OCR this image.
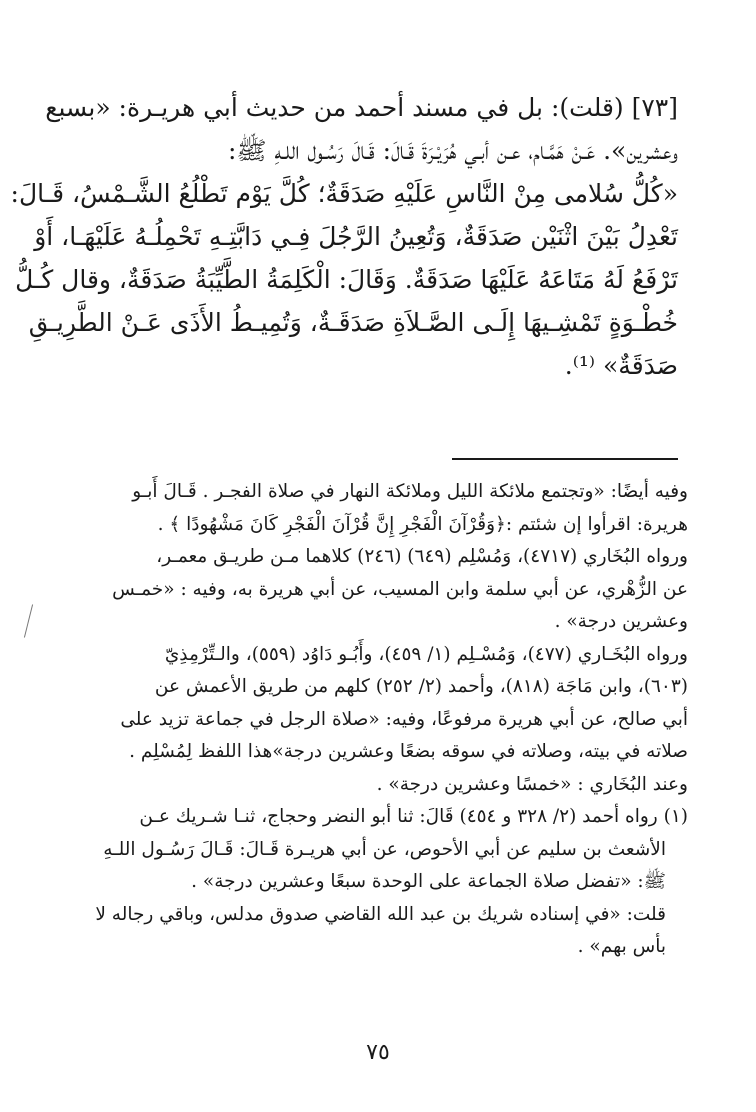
[٧٣] (قلت): بل في مسند أحمد من حديث أبي هريـرة: «بسبع
وعشرين». عَـنْ هَمَّـام، عـن أبـي هُرَيْـرَةَ قَـالَ: قَـالَ رَسُـول اللـهِ ﷺ:
«كُلُّ سُلامى مِنْ النَّاسِ عَلَيْهِ صَدَقَةٌ؛ كُلَّ يَوْم تَطْلُعُ الشَّـمْسُ، قَـالَ:
تَعْدِلُ بَيْنَ اثْنَيْن صَدَقَةٌ، وَتُعِينُ الرَّجُلَ فِـي دَابَّتِـهِ تَحْمِلُـهُ عَلَيْهَـا، أَوْ
تَرْفَعُ لَهُ مَتَاعَهُ عَلَيْهَا صَدَقَةٌ. وَقَالَ: الْكَلِمَةُ الطَّيِّبَةُ صَدَقَةٌ، وقال كُـلُّ
خُطْـوَةٍ تَمْشِـيهَا إِلَـى الصَّـلاَةِ صَدَقَـةٌ، وَتُمِيـطُ الأَذَى عَـنْ الطَّرِيـقِ
صَدَقَةٌ» ⁽¹⁾.
وفيه أيضًا: «وتجتمع ملائكة الليل وملائكة النهار في صلاة الفجـر . قَـالَ أَبـو
هريرة: اقرأوا إن شئتم :﴿وَقُرْآنَ الْفَجْرِ إِنَّ قُرْآنَ الْفَجْرِ كَانَ مَشْهُودًا ﴾ .
ورواه البُخَاري (٤٧١٧)، وَمُسْلِم (٦٤٩) (٢٤٦) كلاهما مـن طريـق معمـر،
عن الزُّهْري، عن أبي سلمة وابن المسيب، عن أبي هريرة به، وفيه : «خمـس
وعشرين درجة» .
ورواه البُخَـاري (٤٧٧)، وَمُسْـلِم (١/ ٤٥٩)، وأَبُـو دَاوُد (٥٥٩)، والـتِّرْمِذِيّ
(٦٠٣)، وابن مَاجَة (٨١٨)، وأحمد (٢/ ٢٥٢) كلهم من طريق الأعمش عن
أبي صالح، عن أبي هريرة مرفوعًا، وفيه: «صلاة الرجل في جماعة تزيد على
صلاته في بيته، وصلاته في سوقه بضعًا وعشرين درجة»هذا اللفظ لِمُسْلِم .
وعند البُخَاري : «خمسًا وعشرين درجة» .
(١) رواه أحمد (٢/ ٣٢٨ و ٤٥٤) قَالَ: ثنا أبو النضر وحجاج، ثنـا شـريك عـن
الأشعث بن سليم عن أبي الأحوص، عن أبي هريـرة قَـالَ: قَـالَ رَسُـول اللـهِ
ﷺ: «تفضل صلاة الجماعة على الوحدة سبعًا وعشرين درجة» .
قلت: «في إسناده شريك بن عبد الله القاضي صدوق مدلس، وباقي رجاله لا
بأس بهم» .
٧٥
